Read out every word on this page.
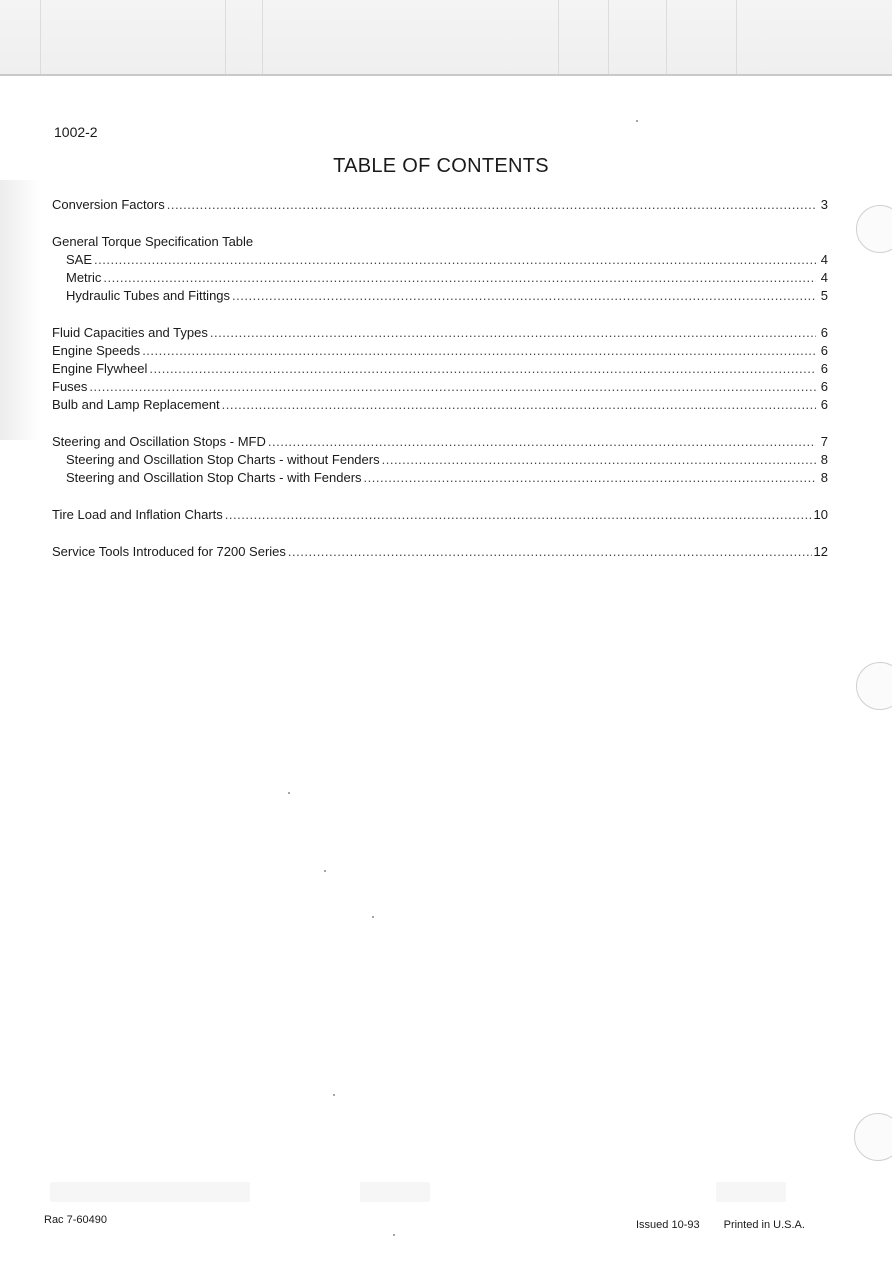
1002-2
TABLE OF CONTENTS
Conversion Factors .....	3
General Torque Specification Table
SAE .....	4
Metric .....	4
Hydraulic Tubes and Fittings .....	5
Fluid Capacities and Types .....	6
Engine Speeds .....	6
Engine Flywheel .....	6
Fuses .....	6
Bulb and Lamp Replacement .....	6
Steering and Oscillation Stops - MFD .....	7
Steering and Oscillation Stop Charts - without Fenders .....	8
Steering and Oscillation Stop Charts - with Fenders .....	8
Tire Load and Inflation Charts .....	10
Service Tools Introduced for 7200 Series .....	12
Rac 7-60490	Issued 10-93 Printed in U.S.A.
